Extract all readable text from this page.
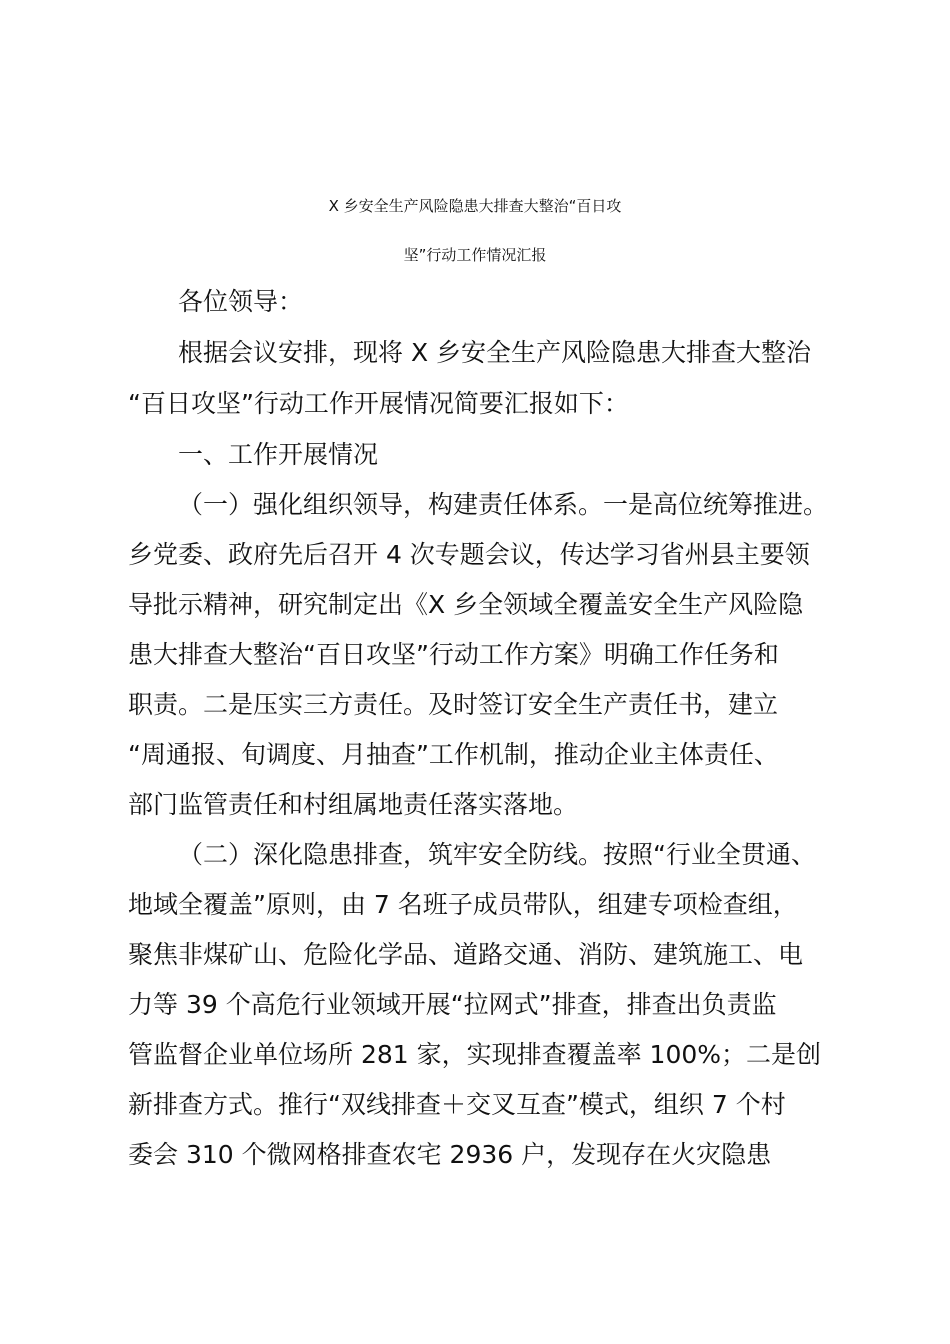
X 乡安全生产风险隐患大排查大整治“百日攻
坚”行动工作情况汇报
各位领导：
根据会议安排，现将 X 乡安全生产风险隐患大排查大整治
“百日攻坚”行动工作开展情况简要汇报如下：
一、工作开展情况
（一）强化组织领导，构建责任体系。一是高位统筹推进。
乡党委、政府先后召开 4 次专题会议，传达学习省州县主要领
导批示精神，研究制定出《X 乡全领域全覆盖安全生产风险隐
患大排查大整治“百日攻坚”行动工作方案》明确工作任务和
职责。二是压实三方责任。及时签订安全生产责任书，建立
“周通报、旬调度、月抽查”工作机制，推动企业主体责任、
部门监管责任和村组属地责任落实落地。
（二）深化隐患排查，筑牢安全防线。按照“行业全贯通、
地域全覆盖”原则，由 7 名班子成员带队，组建专项检查组，
聚焦非煤矿山、危险化学品、道路交通、消防、建筑施工、电
力等 39 个高危行业领域开展“拉网式”排查，排查出负责监
管监督企业单位场所 281 家，实现排查覆盖率 100%；二是创
新排查方式。推行“双线排查＋交叉互查”模式，组织 7 个村
委会 310 个微网格排查农宅 2936 户，发现存在火灾隐患
